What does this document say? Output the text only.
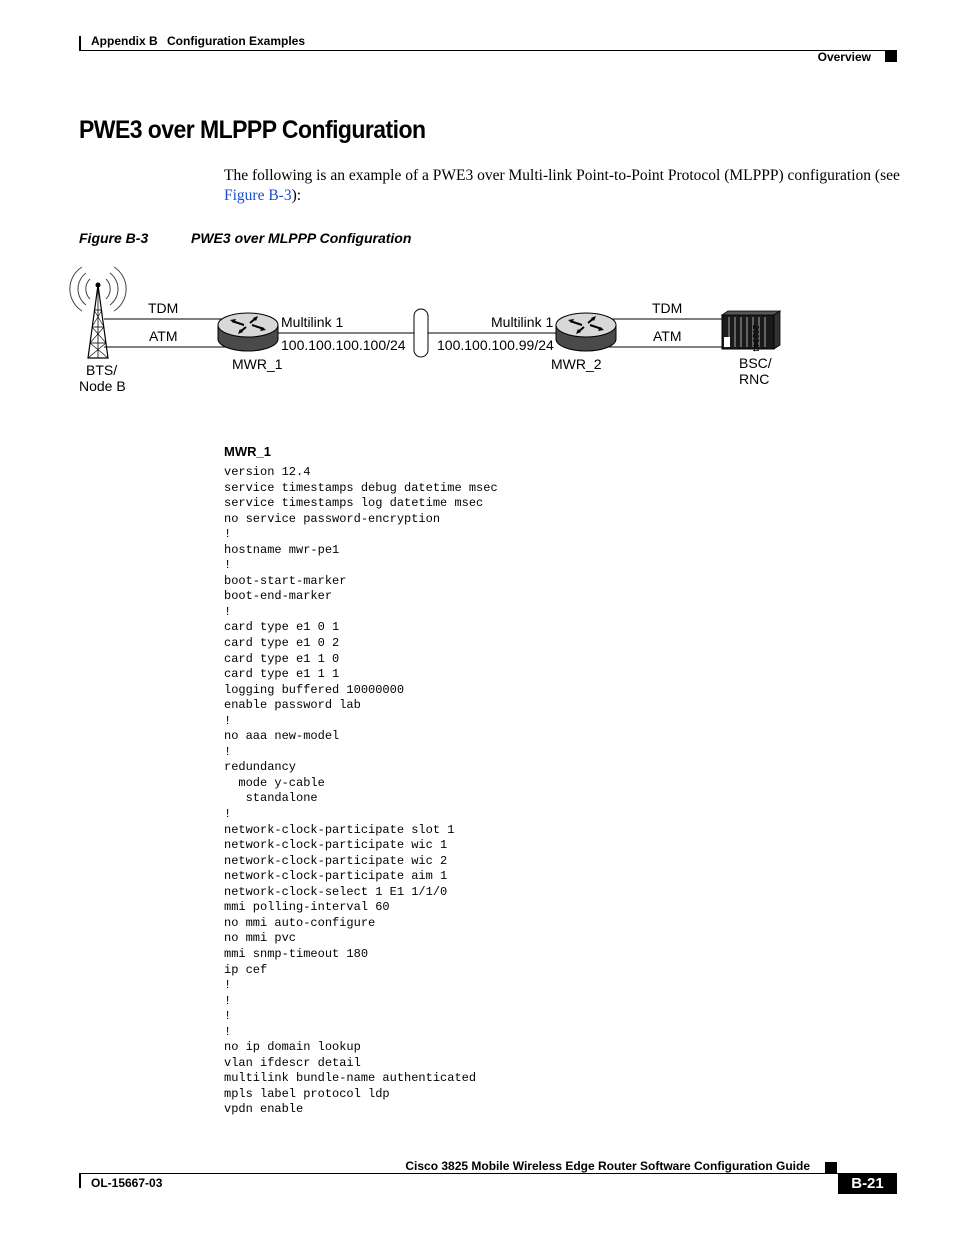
Appendix B Configuration Examples
Overview
PWE3 over MLPPP Configuration
The following is an example of a PWE3 over Multi-link Point-to-Point Protocol (MLPPP) configuration (see Figure B-3):
Figure B-3	PWE3 over MLPPP Configuration
TDM
ATM
BTS/
Node B
MWR_1
Multilink 1
100.100.100.100/24
Multilink 1
100.100.100.99/24
MWR_2
TDM
ATM
BSC/
RNC
202344
MWR_1
version 12.4
service timestamps debug datetime msec
service timestamps log datetime msec
no service password-encryption
!
hostname mwr-pe1
!
boot-start-marker
boot-end-marker
!
card type e1 0 1
card type e1 0 2
card type e1 1 0
card type e1 1 1
logging buffered 10000000
enable password lab
!
no aaa new-model
!
redundancy
mode y-cable
standalone
!
network-clock-participate slot 1
network-clock-participate wic 1
network-clock-participate wic 2
network-clock-participate aim 1
network-clock-select 1 E1 1/1/0
mmi polling-interval 60
no mmi auto-configure
no mmi pvc
mmi snmp-timeout 180
ip cef
!
!
!
!
no ip domain lookup
vlan ifdescr detail
multilink bundle-name authenticated
mpls label protocol ldp
vpdn enable
Cisco 3825 Mobile Wireless Edge Router Software Configuration Guide
OL-15667-03	B-21
